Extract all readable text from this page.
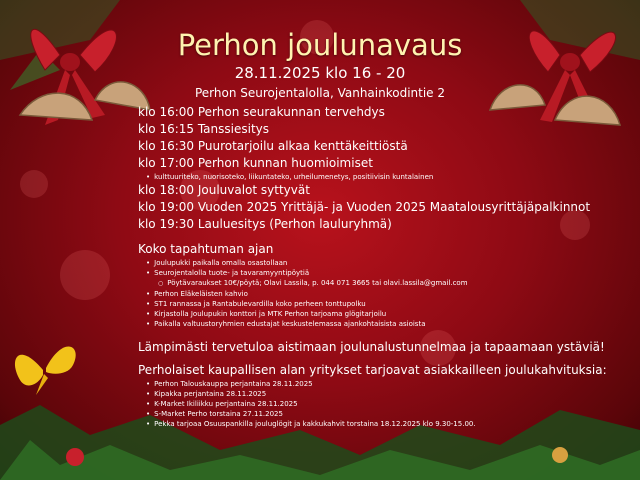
Perhon joulunavaus
28.11.2025 klo 16 - 20
Perhon Seurojentalolla, Vanhainkodintie 2
klo 16:00 Perhon seurakunnan tervehdys
klo 16:15 Tanssiesitys
klo 16:30 Puurotarjoilu alkaa kenttäkeittiöstä
klo 17:00 Perhon kunnan huomioimiset
• kulttuuriteko, nuorisoteko, liikuntateko, urheilumenetys, positiivisin kuntalainen
klo 18:00 Jouluvalot syttyvät
klo 19:00 Vuoden 2025 Yrittäjä- ja Vuoden 2025 Maatalousyrittäjäpalkinnot
klo 19:30 Lauluesitys (Perhon lauluryhmä)
Koko tapahtuman ajan
• Joulupukki paikalla omalla osastollaan
• Seurojentalolla tuote- ja tavaramyyntipöytiä
○ Pöytävaraukset 10€/pöytä; Olavi Lassila, p. 044 071 3665 tai olavi.lassila@gmail.com
• Perhon Eläkeläisten kahvio
• ST1 rannassa ja Rantabulevardilla koko perheen tonttupolku
• Kirjastolla Joulupukin konttori ja MTK Perhon tarjoama glögitarjoilu
• Paikalla valtuustoryhmien edustajat keskustelemassa ajankohtaisista asioista
Lämpimästi tervetuloa aistimaan joulunalustunnelmaa ja tapaamaan ystäviä!
Perholaiset kaupallisen alan yritykset tarjoavat asiakkailleen joulukahvituksia:
• Perhon Talouskauppa perjantaina 28.11.2025
• Kipakka perjantaina 28.11.2025
• K-Market Ikiliikku perjantaina 28.11.2025
• S-Market Perho torstaina 27.11.2025
• Pekka tarjoaa Osuuspankilla jouluglögit ja kakkukahvit torstaina 18.12.2025 klo 9.30-15.00.
